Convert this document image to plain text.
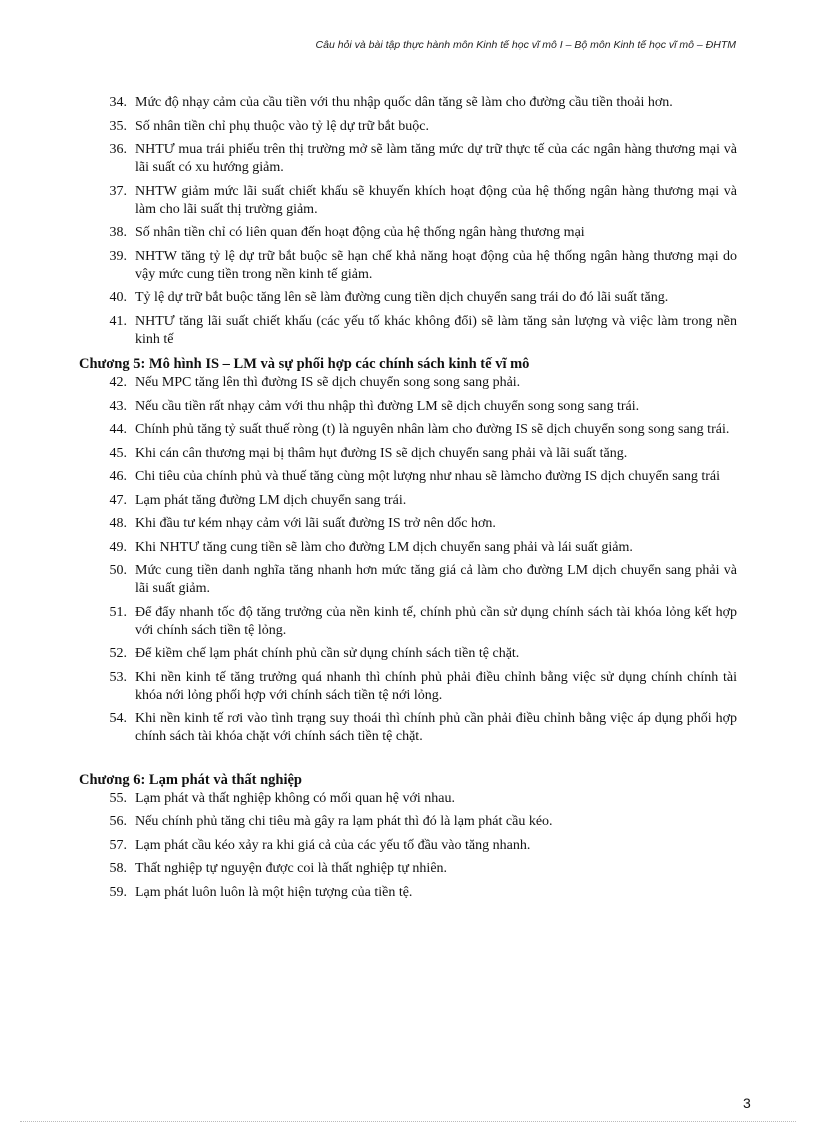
Câu hỏi và bài tập thực hành môn Kinh tế học vĩ mô I – Bộ môn Kinh tế học vĩ mô – ĐHTM
34. Mức độ nhạy cảm của cầu tiền với thu nhập quốc dân tăng sẽ làm cho đường cầu tiền thoải hơn.
35. Số nhân tiền chỉ phụ thuộc vào tỷ lệ dự trữ bắt buộc.
36. NHTƯ mua trái phiếu trên thị trường mở sẽ làm tăng mức dự trữ thực tế của các ngân hàng thương mại và lãi suất có xu hướng giảm.
37. NHTW giảm mức lãi suất chiết khấu sẽ khuyến khích hoạt động của hệ thống ngân hàng thương mại và làm cho lãi suất thị trường giảm.
38. Số nhân tiền chỉ có liên quan đến hoạt động của hệ thống ngân hàng thương mại
39. NHTW tăng tỷ lệ dự trữ bắt buộc sẽ hạn chế khả năng hoạt động của hệ thống ngân hàng thương mại do vậy mức cung tiền trong nền kinh tế giảm.
40. Tỷ lệ dự trữ bắt buộc tăng lên sẽ làm đường cung tiền dịch chuyển sang trái do đó lãi suất tăng.
41. NHTƯ tăng lãi suất chiết khấu (các yếu tố khác không đổi) sẽ làm tăng sản lượng và việc làm trong nền kinh tế
Chương 5: Mô hình IS – LM và sự phối hợp các chính sách kinh tế vĩ mô
42. Nếu MPC tăng lên thì đường IS sẽ dịch chuyển song song sang phải.
43. Nếu cầu tiền rất nhạy cảm với thu nhập thì đường LM sẽ dịch chuyển song song sang trái.
44. Chính phủ tăng tỷ suất thuế ròng (t) là nguyên nhân làm cho đường IS sẽ dịch chuyển song song sang trái.
45. Khi cán cân thương mại bị thâm hụt đường IS sẽ dịch chuyển sang phải và lãi suất tăng.
46. Chi tiêu của chính phủ và thuế tăng cùng một lượng như nhau sẽ làmcho đường IS dịch chuyển sang trái
47. Lạm phát tăng đường LM dịch chuyển sang trái.
48. Khi đầu tư kém nhạy cảm với lãi suất đường IS trở nên dốc hơn.
49. Khi NHTƯ tăng cung tiền sẽ làm cho đường LM dịch chuyển sang phải và lái suất giảm.
50. Mức cung tiền danh nghĩa tăng nhanh hơn mức tăng giá cả làm cho đường LM dịch chuyển sang phải và lãi suất giảm.
51. Để đẩy nhanh tốc độ tăng trưởng của nền kinh tế, chính phủ cần sử dụng chính sách tài khóa lỏng kết hợp với chính sách tiền tệ lỏng.
52. Để kiềm chế lạm phát chính phủ cần sử dụng chính sách tiền tệ chặt.
53. Khi nền kinh tế tăng trưởng quá nhanh thì chính phủ phải điều chỉnh bằng việc sử dụng chính chính tài khóa nới lỏng phối hợp với chính sách tiền tệ nới lỏng.
54. Khi nền kinh tế rơi vào tình trạng suy thoái thì chính phủ cần phải điều chỉnh bằng việc áp dụng phối hợp chính sách tài khóa chặt với chính sách tiền tệ chặt.
Chương 6: Lạm phát và thất nghiệp
55. Lạm phát và thất nghiệp không có mối quan hệ với nhau.
56. Nếu chính phủ tăng chi tiêu mà gây ra lạm phát thì đó là lạm phát cầu kéo.
57. Lạm phát cầu kéo xảy ra khi giá cả của các yếu tố đầu vào tăng nhanh.
58. Thất nghiệp tự nguyện được coi là thất nghiệp tự nhiên.
59. Lạm phát luôn luôn là một hiện tượng của tiền tệ.
3
